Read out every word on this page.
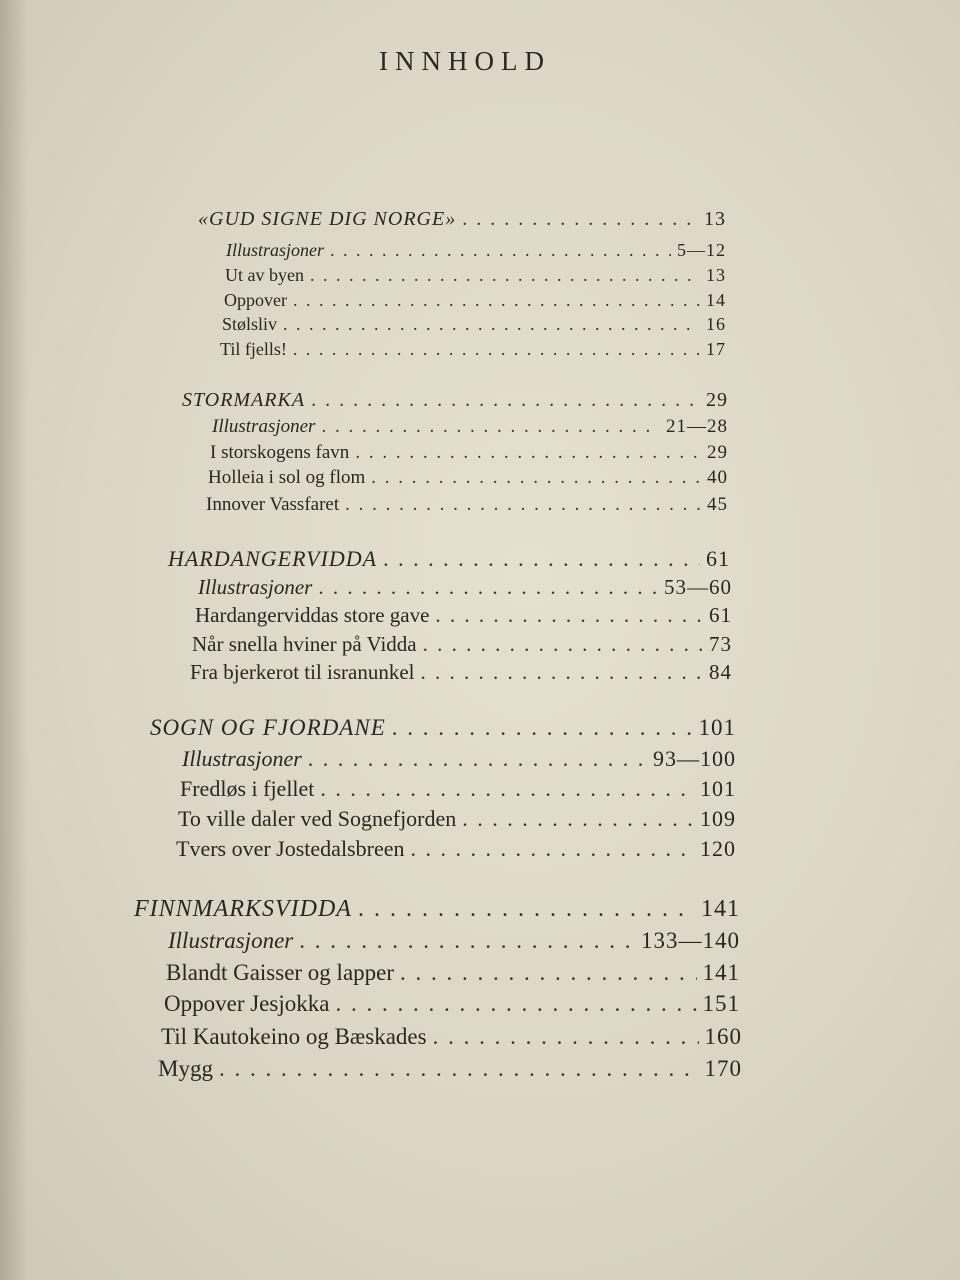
INNHOLD
«GUD SIGNE DIG NORGE» . . .	13
Illustrasjoner . . .	5—12
Ut av byen . . .	13
Oppover . . .	14
Stølsliv . . .	16
Til fjells! . . .	17
STORMARKA . . .	29
Illustrasjoner . . .	21—28
I storskogens favn . . .	29
Holleia i sol og flom . . .	40
Innover Vassfaret . . .	45
HARDANGERVIDDA . . .	61
Illustrasjoner . . .	53—60
Hardangerviddas store gave . . .	61
Når snella hviner på Vidda . . .	73
Fra bjerkerot til isranunkel . . .	84
SOGN OG FJORDANE . . .	101
Illustrasjoner . . .	93—100
Fredløs i fjellet . . .	101
To ville daler ved Sognefjorden . . .	109
Tvers over Jostedalsbreen . . .	120
FINNMARKSVIDDA . . .	141
Illustrasjoner . . .	133—140
Blandt Gaisser og lapper . . .	141
Oppover Jesjokka . . .	151
Til Kautokeino og Bæskades . . .	160
Mygg . . .	170
